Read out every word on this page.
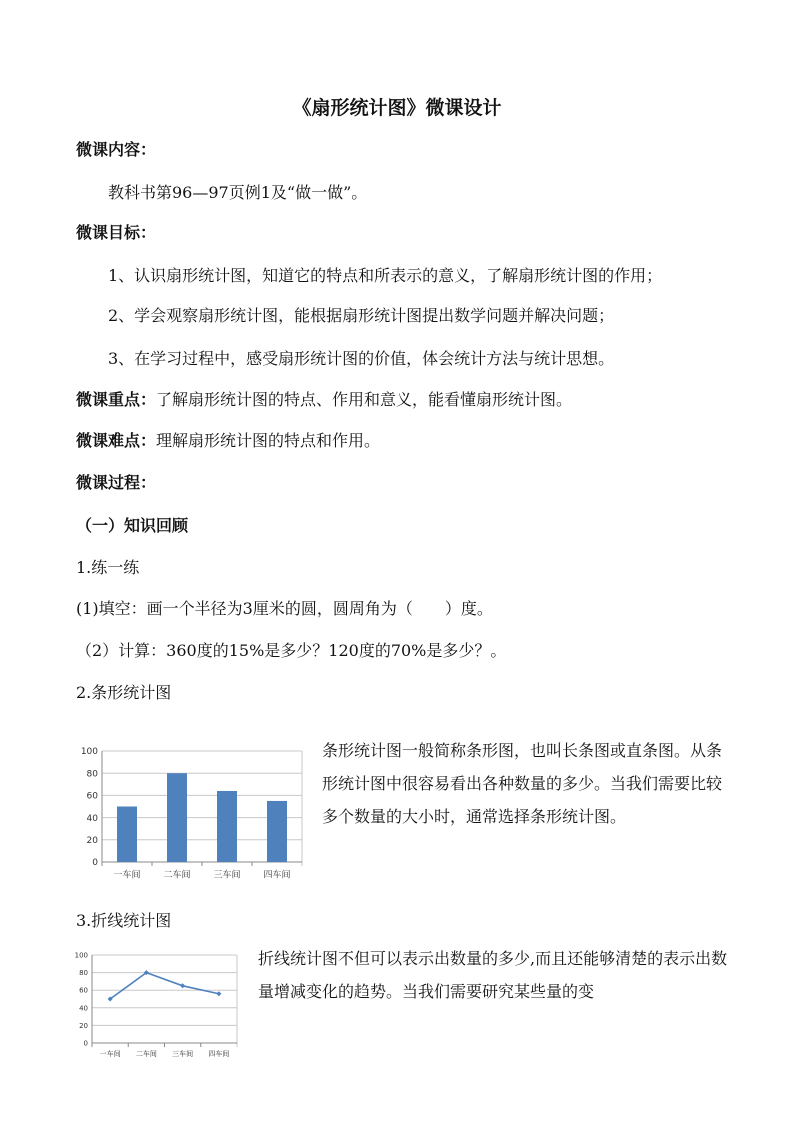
《扇形统计图》微课设计
微课内容：
教科书第96—97页例1及“做一做”。
微课目标：
1、认识扇形统计图，知道它的特点和所表示的意义，了解扇形统计图的作用；
2、学会观察扇形统计图，能根据扇形统计图提出数学问题并解决问题；
3、在学习过程中，感受扇形统计图的价值，体会统计方法与统计思想。
微课重点：了解扇形统计图的特点、作用和意义，能看懂扇形统计图。
微课难点：理解扇形统计图的特点和作用。
微课过程：
（一）知识回顾
1.练一练
(1)填空：画一个半径为3厘米的圆，圆周角为（　　）度。
（2）计算：360度的15%是多少？120度的70%是多少？。
2.条形统计图
0
20
40
60
80
100
一车间	二车间	三车间	四车间
条形统计图一般简称条形图，也叫长条图或直条图。从条形统计图中很容易看出各种数量的多少。当我们需要比较多个数量的大小时，通常选择条形统计图。
3.折线统计图
0
20
40
60
80
100
一车间 二车间 三车间 四车间
折线统计图不但可以表示出数量的多少,而且还能够清楚的表示出数量增减变化的趋势。当我们需要研究某些量的变
